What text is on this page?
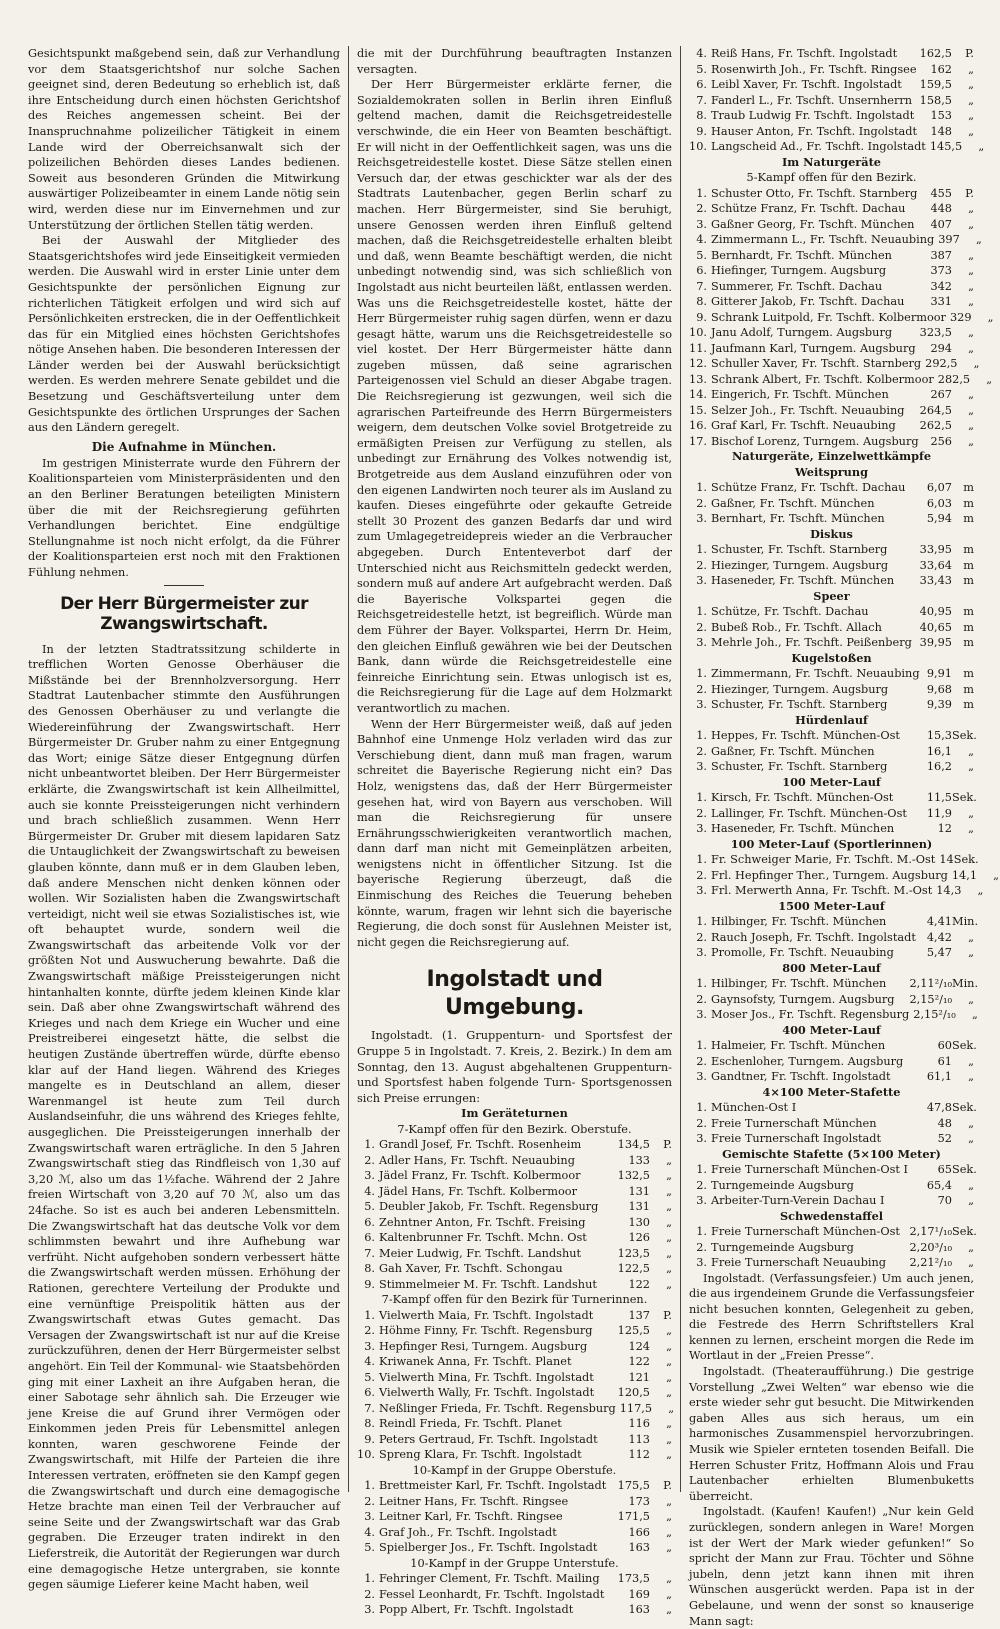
Gesichtspunkt maßgebend sein, daß zur Verhandlung vor dem Staatsgerichtshof nur solche Sachen geeignet sind, deren Bedeutung so erheblich ist, daß ihre Entscheidung durch einen höchsten Gerichtshof des Reiches angemessen scheint. Bei der Inanspruchnahme polizeilicher Tätigkeit in einem Lande wird der Oberreichsanwalt sich der polizeilichen Behörden dieses Landes bedienen. Soweit aus besonderen Gründen die Mitwirkung auswärtiger Polizeibeamter in einem Lande nötig sein wird, werden diese nur im Einvernehmen und zur Unterstützung der örtlichen Stellen tätig werden.

Bei der Auswahl der Mitglieder des Staatsgerichtshofes wird jede Einseitigkeit vermieden werden. Die Auswahl wird in erster Linie unter dem Gesichtspunkte der persönlichen Eignung zur richterlichen Tätigkeit erfolgen und wird sich auf Persönlichkeiten erstrecken, die in der Oeffentlichkeit das für ein Mitglied eines höchsten Gerichtshofes nötige Ansehen haben. Die besonderen Interessen der Länder werden bei der Auswahl berücksichtigt werden. Es werden mehrere Senate gebildet und die Besetzung und Geschäftsverteilung unter dem Gesichtspunkte des örtlichen Ursprunges der Sachen aus den Ländern geregelt.

Die Aufnahme in München.

Im gestrigen Ministerrate wurde den Führern der Koalitionsparteien vom Ministerpräsidenten und den an den Berliner Beratungen beteiligten Ministern über die mit der Reichsregierung geführten Verhandlungen berichtet. Eine endgültige Stellungnahme ist noch nicht erfolgt, da die Führer der Koalitionsparteien erst noch mit den Fraktionen Fühlung nehmen.

Der Herr Bürgermeister zur Zwangswirtschaft.

In der letzten Stadtratssitzung schilderte in trefflichen Worten Genosse Oberhäuser die Mißstände bei der Brennholzversorgung. Herr Stadtrat Lautenbacher stimmte den Ausführungen des Genossen Oberhäuser zu und verlangte die Wiedereinführung der Zwangswirtschaft. Herr Bürgermeister Dr. Gruber nahm zu einer Entgegnung das Wort; einige Sätze dieser Entgegnung dürfen nicht unbeantwortet bleiben. Der Herr Bürgermeister erklärte, die Zwangswirtschaft ist kein Allheilmittel, auch sie konnte Preissteigerungen nicht verhindern und brach schließlich zusammen. Wenn Herr Bürgermeister Dr. Gruber mit diesem lapidaren Satz die Untauglichkeit der Zwangswirtschaft zu beweisen glauben könnte, dann muß er in dem Glauben leben, daß andere Menschen nicht denken können oder wollen. Wir Sozialisten haben die Zwangswirtschaft verteidigt, nicht weil sie etwas Sozialistisches ist, wie oft behauptet wurde, sondern weil die Zwangswirtschaft das arbeitende Volk vor der größten Not und Auswucherung bewahrte. Daß die Zwangswirtschaft mäßige Preissteigerungen nicht hintanhalten konnte, dürfte jedem kleinen Kinde klar sein. Daß aber ohne Zwangswirtschaft während des Krieges und nach dem Kriege ein Wucher und eine Preistreiberei eingesetzt hätte, die selbst die heutigen Zustände übertreffen würde, dürfte ebenso klar auf der Hand liegen. Während des Krieges mangelte es in Deutschland an allem, dieser Warenmangel ist heute zum Teil durch Auslandseinfuhr, die uns während des Krieges fehlte, ausgeglichen. Die Preissteigerungen innerhalb der Zwangswirtschaft waren erträgliche. In den 5 Jahren Zwangswirtschaft stieg das Rindfleisch von 1,30 auf 3,20 ℳ, also um das 1½fache. Während der 2 Jahre freien Wirtschaft von 3,20 auf 70 ℳ, also um das 24fache. So ist es auch bei anderen Lebensmitteln. Die Zwangswirtschaft hat das deutsche Volk vor dem schlimmsten bewahrt und ihre Aufhebung war verfrüht. Nicht aufgehoben sondern verbessert hätte die Zwangswirtschaft werden müssen. Erhöhung der Rationen, gerechtere Verteilung der Produkte und eine vernünftige Preispolitik hätten aus der Zwangswirtschaft etwas Gutes gemacht. Das Versagen der Zwangswirtschaft ist nur auf die Kreise zurückzuführen, denen der Herr Bürgermeister selbst angehört. Ein Teil der Kommunal- wie Staatsbehörden ging mit einer Laxheit an ihre Aufgaben heran, die einer Sabotage sehr ähnlich sah. Die Erzeuger wie jene Kreise die auf Grund ihrer Vermögen oder Einkommen jeden Preis für Lebensmittel anlegen konnten, waren geschworene Feinde der Zwangswirtschaft, mit Hilfe der Parteien die ihre Interessen vertraten, eröffneten sie den Kampf gegen die Zwangswirtschaft und durch eine demagogische Hetze brachte man einen Teil der Verbraucher auf seine Seite und der Zwangswirtschaft war das Grab gegraben. Die Erzeuger traten indirekt in den Lieferstreik, die Autorität der Regierungen war durch eine demagogische Hetze untergraben, sie konnte gegen säumige Lieferer keine Macht haben, weil

die mit der Durchführung beauftragten Instanzen versagten.

Der Herr Bürgermeister erklärte ferner, die Sozialdemokraten sollen in Berlin ihren Einfluß geltend machen, damit die Reichsgetreidestelle verschwinde, die ein Heer von Beamten beschäftigt. Er will nicht in der Oeffentlichkeit sagen, was uns die Reichsgetreidestelle kostet. Diese Sätze stellen einen Versuch dar, der etwas geschickter war als der des Stadtrats Lautenbacher, gegen Berlin scharf zu machen. Herr Bürgermeister, sind Sie beruhigt, unsere Genossen werden ihren Einfluß geltend machen, daß die Reichsgetreidestelle erhalten bleibt und daß, wenn Beamte beschäftigt werden, die nicht unbedingt notwendig sind, was sich schließlich von Ingolstadt aus nicht beurteilen läßt, entlassen werden. Was uns die Reichsgetreidestelle kostet, hätte der Herr Bürgermeister ruhig sagen dürfen, wenn er dazu gesagt hätte, warum uns die Reichsgetreidestelle so viel kostet. Der Herr Bürgermeister hätte dann zugeben müssen, daß seine agrarischen Parteigenossen viel Schuld an dieser Abgabe tragen. Die Reichsregierung ist gezwungen, weil sich die agrarischen Parteifreunde des Herrn Bürgermeisters weigern, dem deutschen Volke soviel Brotgetreide zu ermäßigten Preisen zur Verfügung zu stellen, als unbedingt zur Ernährung des Volkes notwendig ist, Brotgetreide aus dem Ausland einzuführen oder von den eigenen Landwirten noch teurer als im Ausland zu kaufen. Dieses eingeführte oder gekaufte Getreide stellt 30 Prozent des ganzen Bedarfs dar und wird zum Umlagegetreidepreis wieder an die Verbraucher abgegeben. Durch Ententeverbot darf der Unterschied nicht aus Reichsmitteln gedeckt werden, sondern muß auf andere Art aufgebracht werden. Daß die Bayerische Volkspartei gegen die Reichsgetreidestelle hetzt, ist begreiflich. Würde man dem Führer der Bayer. Volkspartei, Herrn Dr. Heim, den gleichen Einfluß gewähren wie bei der Deutschen Bank, dann würde die Reichsgetreidestelle eine feinreiche Einrichtung sein. Etwas unlogisch ist es, die Reichsregierung für die Lage auf dem Holzmarkt verantwortlich zu machen.

Wenn der Herr Bürgermeister weiß, daß auf jeden Bahnhof eine Unmenge Holz verladen wird das zur Verschiebung dient, dann muß man fragen, warum schreitet die Bayerische Regierung nicht ein? Das Holz, wenigstens das, daß der Herr Bürgermeister gesehen hat, wird von Bayern aus verschoben. Will man die Reichsregierung für unsere Ernährungsschwierigkeiten verantwortlich machen, dann darf man nicht mit Gemeinplätzen arbeiten, wenigstens nicht in öffentlicher Sitzung. Ist die bayerische Regierung überzeugt, daß die Einmischung des Reiches die Teuerung beheben könnte, warum, fragen wir lehnt sich die bayerische Regierung, die doch sonst für Auslehnen Meister ist, nicht gegen die Reichsregierung auf.

Ingolstadt und Umgebung.

Ingolstadt. (1. Gruppenturn- und Sportsfest der Gruppe 5 in Ingolstadt. 7. Kreis, 2. Bezirk.) In dem am Sonntag, den 13. August abgehaltenen Gruppenturn- und Sportsfest haben folgende Turn- Sportsgenossen sich Preise errungen:

Im Geräteturnen
7-Kampf offen für den Bezirk. Oberstufe.
1. Grandl Josef, Fr. Tschft. Rosenheim	134,5	P.
2. Adler Hans, Fr. Tschft. Neuaubing	133	„
3. Jädel Franz, Fr. Tschft. Kolbermoor	132,5	„
4. Jädel Hans, Fr. Tschft. Kolbermoor	131	„
5. Deubler Jakob, Fr. Tschft. Regensburg	131	„
6. Zehntner Anton, Fr. Tschft. Freising	130	„
6. Kaltenbrunner Fr. Tschft. Mchn. Ost	126	„
7. Meier Ludwig, Fr. Tschft. Landshut	123,5	„
8. Gah Xaver, Fr. Tschft. Schongau	122,5	„
9. Stimmelmeier M. Fr. Tschft. Landshut	122	„
7-Kampf offen für den Bezirk für Turnerinnen.
1. Vielwerth Maia, Fr. Tschft. Ingolstadt	137	P.
2. Höhme Finny, Fr. Tschft. Regensburg	125,5	„
3. Hepfinger Resi, Turngem. Augsburg	124	„
4. Kriwanek Anna, Fr. Tschft. Planet	122	„
5. Vielwerth Mina, Fr. Tschft. Ingolstadt	121	„
6. Vielwerth Wally, Fr. Tschft. Ingolstadt	120,5	„
7. Neßlinger Frieda, Fr. Tschft. Regensburg 117,5	„
8. Reindl Frieda, Fr. Tschft. Planet	116	„
9. Peters Gertraud, Fr. Tschft. Ingolstadt	113	„
10. Spreng Klara, Fr. Tschft. Ingolstadt	112	„
10-Kampf in der Gruppe Oberstufe.
1. Brettmeister Karl, Fr. Tschft. Ingolstadt	175,5	P.
2. Leitner Hans, Fr. Tschft. Ringsee	173	„
3. Leitner Karl, Fr. Tschft. Ringsee	171,5	„
4. Graf Joh., Fr. Tschft. Ingolstadt	166	„
5. Spielberger Jos., Fr. Tschft. Ingolstadt	163	„
10-Kampf in der Gruppe Unterstufe.
1. Fehringer Clement, Fr. Tschft. Mailing	173,5	„
2. Fessel Leonhardt, Fr. Tschft. Ingolstadt	169	„
3. Popp Albert, Fr. Tschft. Ingolstadt	163	„
4. Reiß Hans, Fr. Tschft. Ingolstadt	162,5	P.
5. Rosenwirth Joh., Fr. Tschft. Ringsee	162	„
6. Leibl Xaver, Fr. Tschft. Ingolstadt	159,5	„
7. Fanderl L., Fr. Tschft. Unsernherrn 158,5	„
8. Traub Ludwig Fr. Tschft. Ingolstadt	153	„
9. Hauser Anton, Fr. Tschft. Ingolstadt	148	„
10. Langscheid Ad., Fr. Tschft. Ingolstadt 145,5	„
Im Naturgeräte
5-Kampf offen für den Bezirk.
1. Schuster Otto, Fr. Tschft. Starnberg	455	P.
2. Schütze Franz, Fr. Tschft. Dachau	448	„
3. Gaßner Georg, Fr. Tschft. München	407	„
4. Zimmermann L., Fr. Tschft. Neuaubing 397	„
5. Bernhardt, Fr. Tschft. München	387	„
6. Hiefinger, Turngem. Augsburg	373	„
7. Summerer, Fr. Tschft. Dachau	342	„
8. Gitterer Jakob, Fr. Tschft. Dachau	331	„
9. Schrank Luitpold, Fr. Tschft. Kolbermoor 329	„
10. Janu Adolf, Turngem. Augsburg	323,5	„
11. Jaufmann Karl, Turngem. Augsburg	294	„
12. Schuller Xaver, Fr. Tschft. Starnberg 292,5	„
13. Schrank Albert, Fr. Tschft. Kolbermoor 282,5	„
14. Eingerich, Fr. Tschft. München	267	„
15. Selzer Joh., Fr. Tschft. Neuaubing	264,5	„
16. Graf Karl, Fr. Tschft. Neuaubing	262,5	„
17. Bischof Lorenz, Turngem. Augsburg	256	„
Naturgeräte, Einzelwettkämpfe
Weitsprung
1. Schütze Franz, Fr. Tschft. Dachau	6,07 m
2. Gaßner, Fr. Tschft. München	6,03 m
3. Bernhart, Fr. Tschft. München	5,94 m
Diskus
1. Schuster, Fr. Tschft. Starnberg	33,95 m
2. Hiezinger, Turngem. Augsburg	33,64 m
3. Haseneder, Fr. Tschft. München	33,43 m
Speer
1. Schütze, Fr. Tschft. Dachau	40,95 m
2. Bubeß Rob., Fr. Tschft. Allach	40,65 m
3. Mehrle Joh., Fr. Tschft. Peißenberg 39,95 m
Kugelstoßen
1. Zimmermann, Fr. Tschft. Neuaubing 9,91 m
2. Hiezinger, Turngem. Augsburg	9,68 m
3. Schuster, Fr. Tschft. Starnberg	9,39 m
Hürdenlauf
1. Heppes, Fr. Tschft. München-Ost	15,3 Sek.
2. Gaßner, Fr. Tschft. München	16,1	„
3. Schuster, Fr. Tschft. Starnberg	16,2	„
100 Meter-Lauf
1. Kirsch, Fr. Tschft. München-Ost	11,5 Sek.
2. Lallinger, Fr. Tschft. München-Ost	11,9	„
3. Haseneder, Fr. Tschft. München	12	„
100 Meter-Lauf (Sportlerinnen)
1. Fr. Schweiger Marie, Fr. Tschft. M.-Ost 14 Sek.
2. Frl. Hepfinger Ther., Turngem. Augsburg 14,1	„
3. Frl. Merwerth Anna, Fr. Tschft. M.-Ost 14,3	„
1500 Meter-Lauf
1. Hilbinger, Fr. Tschft. München	4,41 Min.
2. Rauch Joseph, Fr. Tschft. Ingolstadt 4,42	„
3. Promolle, Fr. Tschft. Neuaubing	5,47	„
800 Meter-Lauf
1. Hilbinger, Fr. Tschft. München	2,11²/₁₀ Min.
2. Gaynsofsty, Turngem. Augsburg	2,15²/₁₀	„
3. Moser Jos., Fr. Tschft. Regensburg 2,15²/₁₀	„
400 Meter-Lauf
1. Halmeier, Fr. Tschft. München	60 Sek.
2. Eschenloher, Turngem. Augsburg	61	„
3. Gandtner, Fr. Tschft. Ingolstadt	61,1	„
4×100 Meter-Stafette
1. München-Ost I	47,8 Sek.
2. Freie Turnerschaft München	48	„
3. Freie Turnerschaft Ingolstadt	52	„
Gemischte Stafette (5×100 Meter)
1. Freie Turnerschaft München-Ost I	65 Sek.
2. Turngemeinde Augsburg	65,4	„
3. Arbeiter-Turn-Verein Dachau I	70	„
Schwedenstaffel
1. Freie Turnerschaft München-Ost 2,17¹/₁₀ Sek.
2. Turngemeinde Augsburg	2,20³/₁₀	„
3. Freie Turnerschaft Neuaubing	2,21²/₁₀	„

Ingolstadt. (Verfassungsfeier.) Um auch jenen, die aus irgendeinem Grunde die Verfassungsfeier nicht besuchen konnten, Gelegenheit zu geben, die Festrede des Herrn Schriftstellers Kral kennen zu lernen, erscheint morgen die Rede im Wortlaut in der „Freien Presse“.

Ingolstadt. (Theateraufführung.) Die gestrige Vorstellung „Zwei Welten“ war ebenso wie die erste wieder sehr gut besucht. Die Mitwirkenden gaben Alles aus sich heraus, um ein harmonisches Zusammenspiel hervorzubringen. Musik wie Spieler ernteten tosenden Beifall. Die Herren Schuster Fritz, Hoffmann Alois und Frau Lautenbacher erhielten Blumenbuketts überreicht.

Ingolstadt. (Kaufen! Kaufen!) „Nur kein Geld zurücklegen, sondern anlegen in Ware! Morgen ist der Wert der Mark wieder gefunken!“ So spricht der Mann zur Frau. Töchter und Söhne jubeln, denn jetzt kann ihnen mit ihren Wünschen ausgerückt werden. Papa ist in der Gebelaune, und wenn der sonst so knauserige Mann sagt:
